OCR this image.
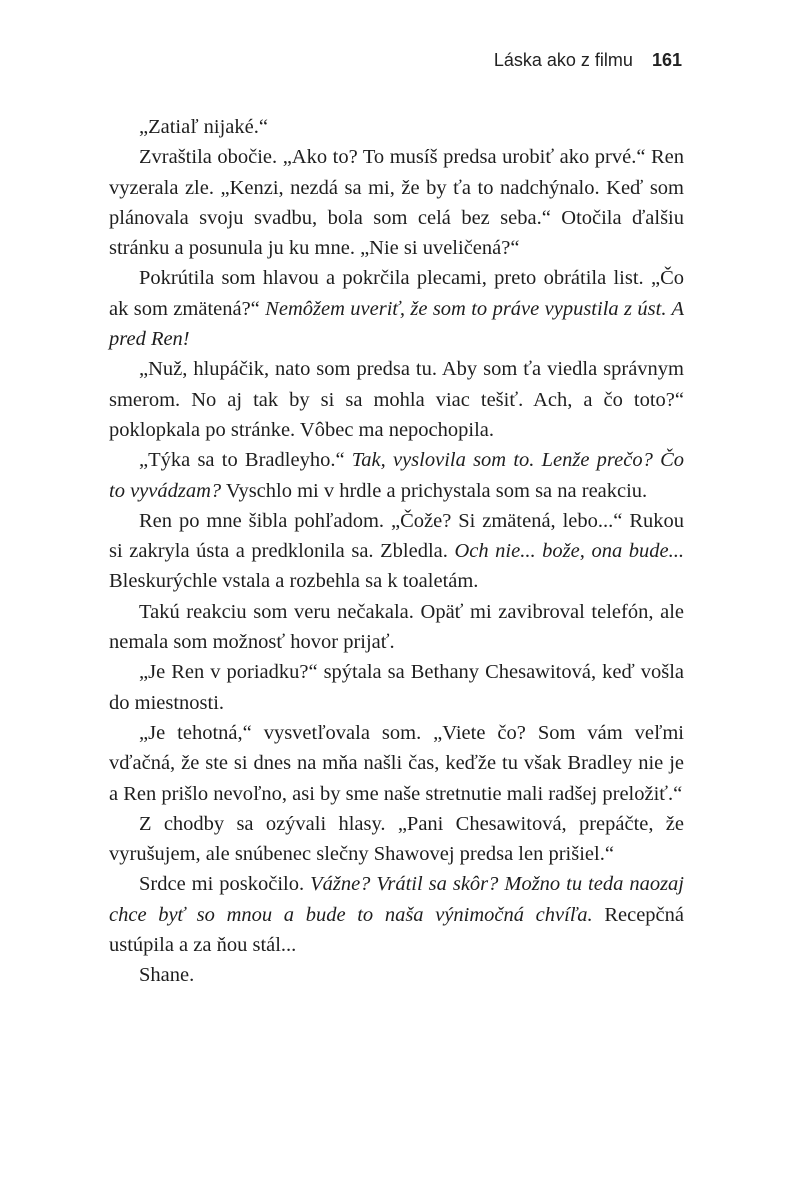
Láska ako z filmu 161

„Zatiaľ nijaké.“

Zvraštila obočie. „Ako to? To musíš predsa urobiť ako prvé.“ Ren vyzerala zle. „Kenzi, nezdá sa mi, že by ťa to nadchýnalo. Keď som plánovala svoju svadbu, bola som celá bez seba.“ Otočila ďalšiu stránku a posunula ju ku mne. „Nie si uveličená?“

Pokrútila som hlavou a pokrčila plecami, preto obrátila list. „Čo ak som zmätená?“ Nemôžem uveriť, že som to práve vypustila z úst. A pred Ren!

„Nuž, hlupáčik, nato som predsa tu. Aby som ťa viedla správnym smerom. No aj tak by si sa mohla viac tešiť. Ach, a čo toto?“ poklopkala po stránke. Vôbec ma nepochopila.

„Týka sa to Bradleyho.“ Tak, vyslovila som to. Lenže prečo? Čo to vyvádzam? Vyschlo mi v hrdle a prichystala som sa na reakciu.

Ren po mne šibla pohľadom. „Čože? Si zmätená, lebo...“ Rukou si zakryla ústa a predklonila sa. Zbledla. Och nie... bože, ona bude... Bleskurýchle vstala a rozbehla sa k toaletám.

Takú reakciu som veru nečakala. Opäť mi zavibroval telefón, ale nemala som možnosť hovor prijať.

„Je Ren v poriadku?“ spýtala sa Bethany Chesawitová, keď vošla do miestnosti.

„Je tehotná,“ vysvetľovala som. „Viete čo? Som vám veľmi vďačná, že ste si dnes na mňa našli čas, keďže tu však Bradley nie je a Ren prišlo nevoľno, asi by sme naše stretnutie mali radšej preložiť.“

Z chodby sa ozývali hlasy. „Pani Chesawitová, prepáčte, že vyrušujem, ale snúbenec slečny Shawovej predsa len prišiel.“

Srdce mi poskočilo. Vážne? Vrátil sa skôr? Možno tu teda naozaj chce byť so mnou a bude to naša výnimočná chvíľa. Recepčná ustúpila a za ňou stál...

Shane.
